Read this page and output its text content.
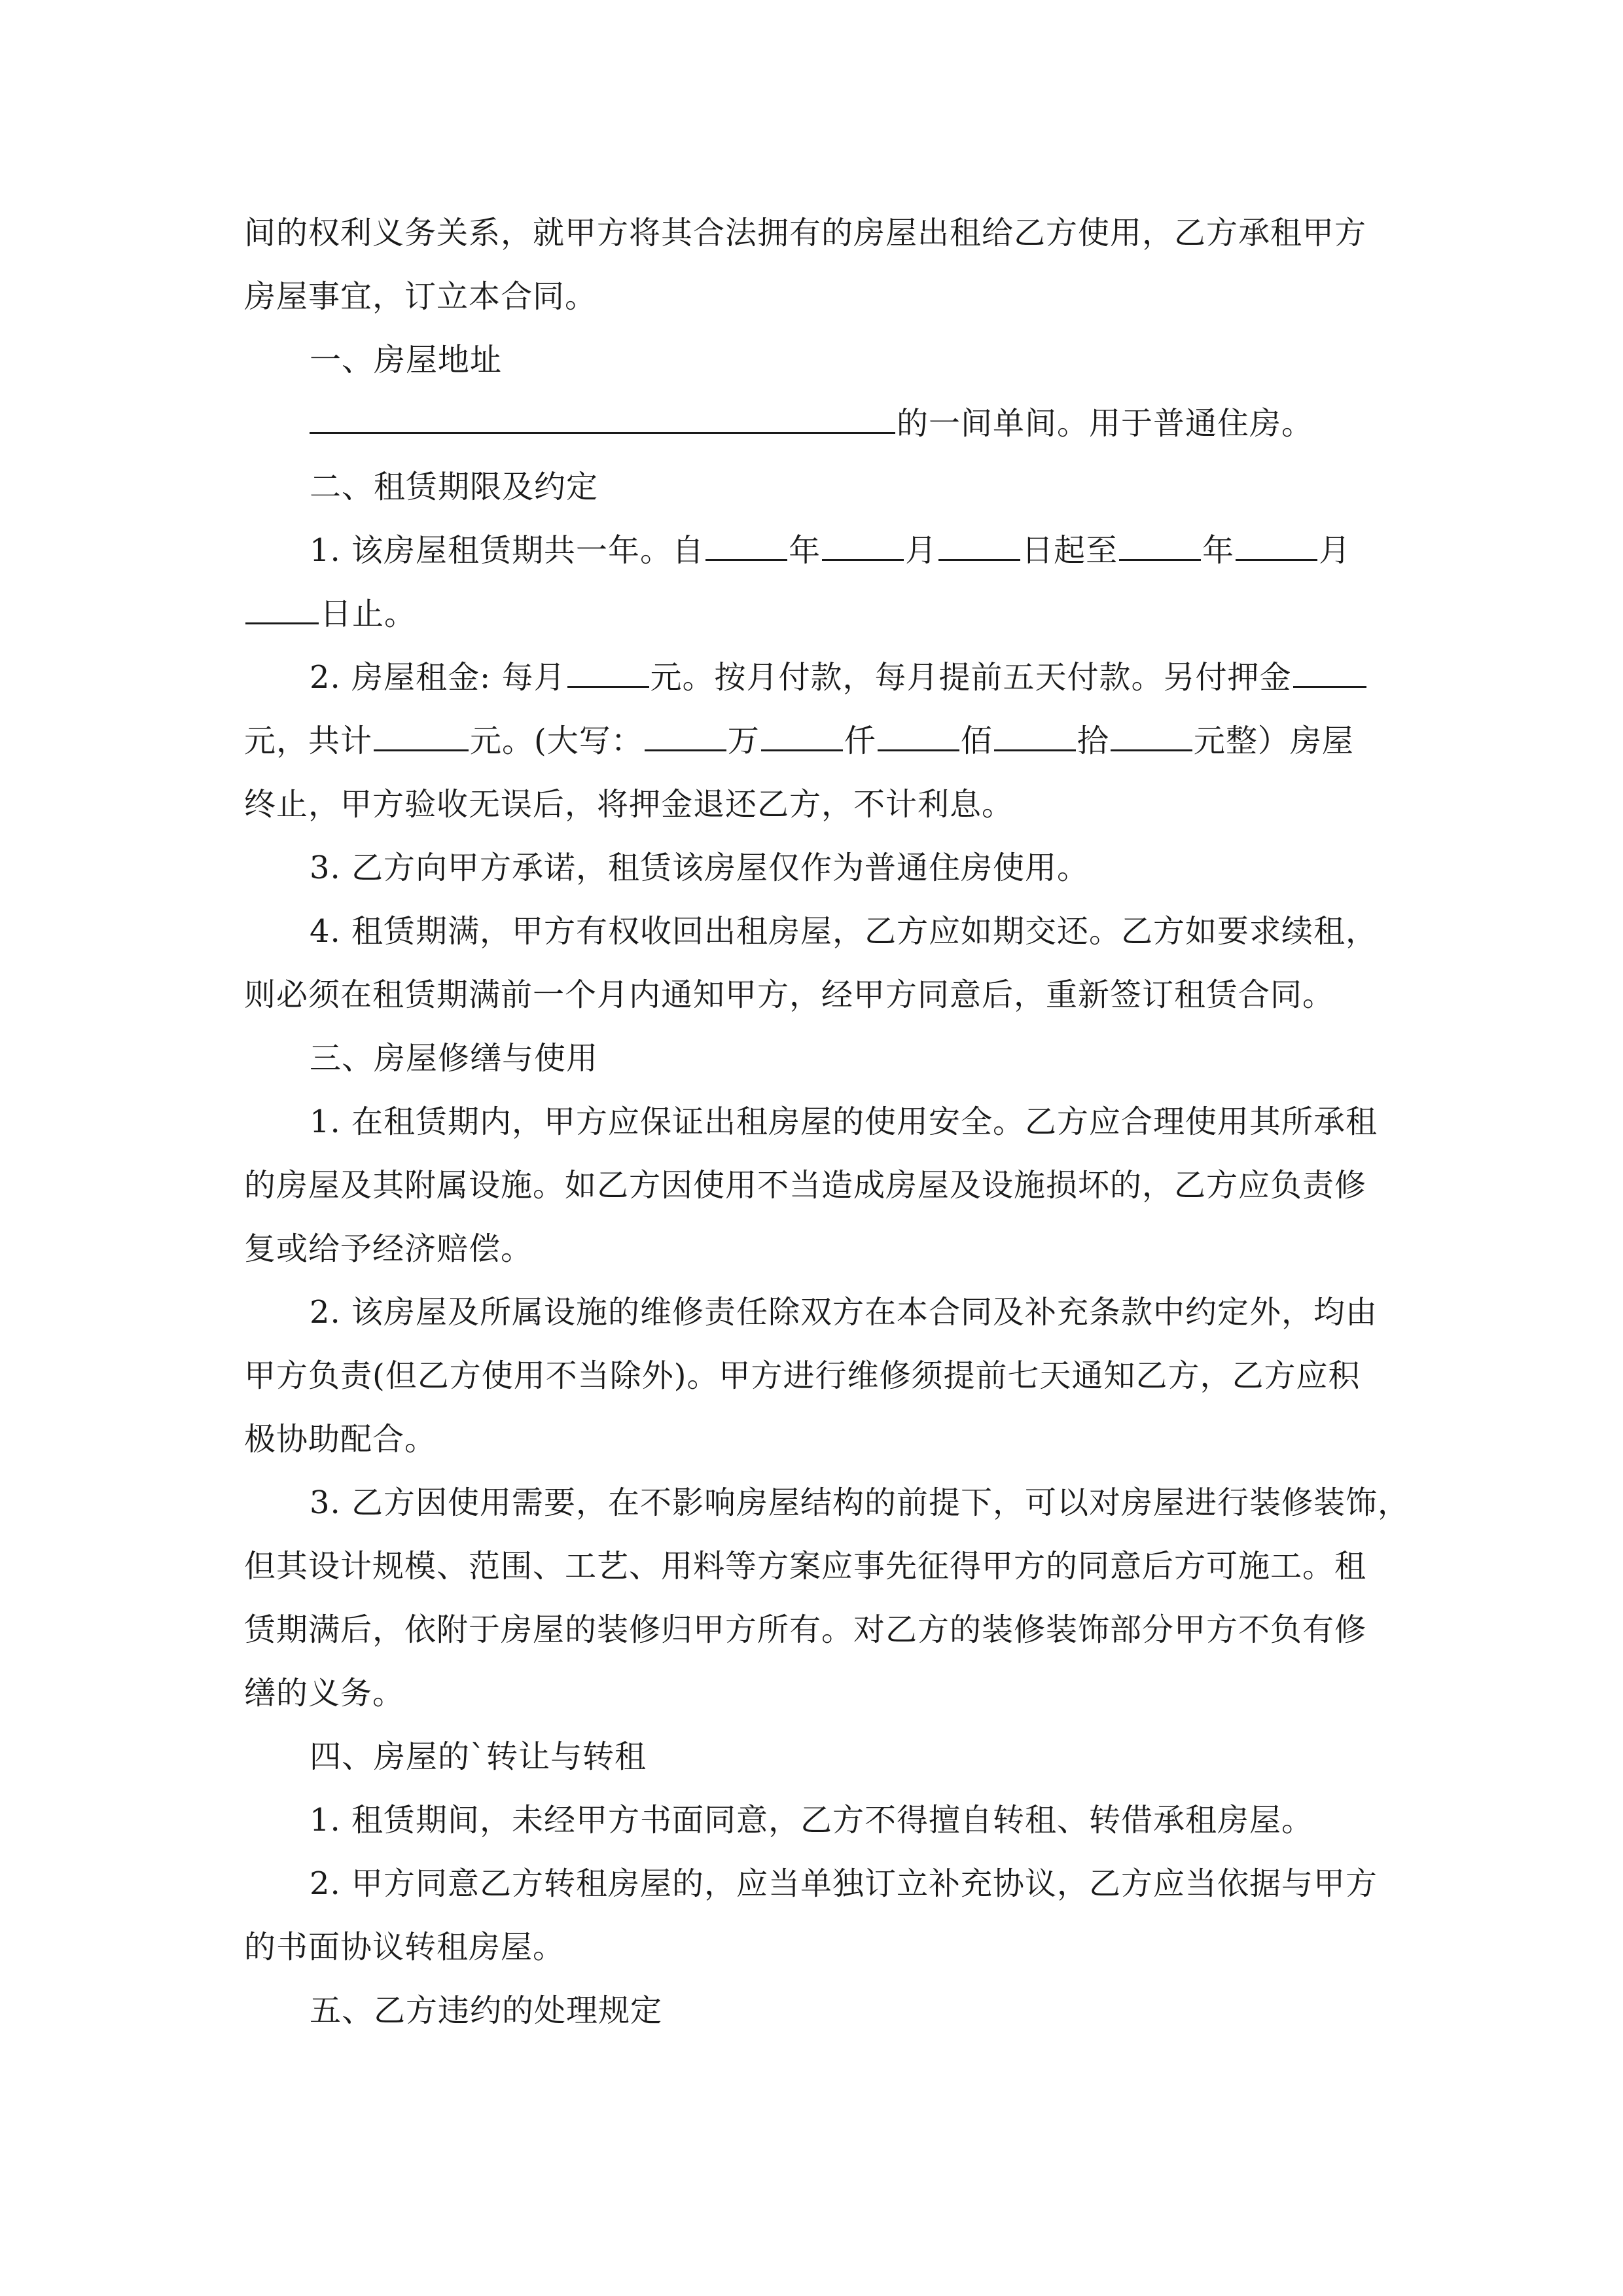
间的权利义务关系，就甲方将其合法拥有的房屋出租给乙方使用，乙方承租甲方
房屋事宜，订立本合同。
一、房屋地址
的一间单间。用于普通住房。
二、租赁期限及约定
1. 该房屋租赁期共一年。自	年	月	日起至	年	月
日止。
2. 房屋租金: 每月	元。按月付款，每月提前五天付款。另付押金
元，共计	元。(大写：	万	仟	佰	拾	元整）房屋
终止，甲方验收无误后，将押金退还乙方，不计利息。
3. 乙方向甲方承诺，租赁该房屋仅作为普通住房使用。
4. 租赁期满，甲方有权收回出租房屋，乙方应如期交还。乙方如要求续租，
则必须在租赁期满前一个月内通知甲方，经甲方同意后，重新签订租赁合同。
三、房屋修缮与使用
1. 在租赁期内，甲方应保证出租房屋的使用安全。乙方应合理使用其所承租
的房屋及其附属设施。如乙方因使用不当造成房屋及设施损坏的，乙方应负责修
复或给予经济赔偿。
2. 该房屋及所属设施的维修责任除双方在本合同及补充条款中约定外，均由
甲方负责(但乙方使用不当除外)。甲方进行维修须提前七天通知乙方，乙方应积
极协助配合。
3. 乙方因使用需要，在不影响房屋结构的前提下，可以对房屋进行装修装饰，
但其设计规模、范围、工艺、用料等方案应事先征得甲方的同意后方可施工。租
赁期满后，依附于房屋的装修归甲方所有。对乙方的装修装饰部分甲方不负有修
缮的义务。
四、房屋的`转让与转租
1. 租赁期间，未经甲方书面同意，乙方不得擅自转租、转借承租房屋。
2. 甲方同意乙方转租房屋的，应当单独订立补充协议，乙方应当依据与甲方
的书面协议转租房屋。
五、乙方违约的处理规定
